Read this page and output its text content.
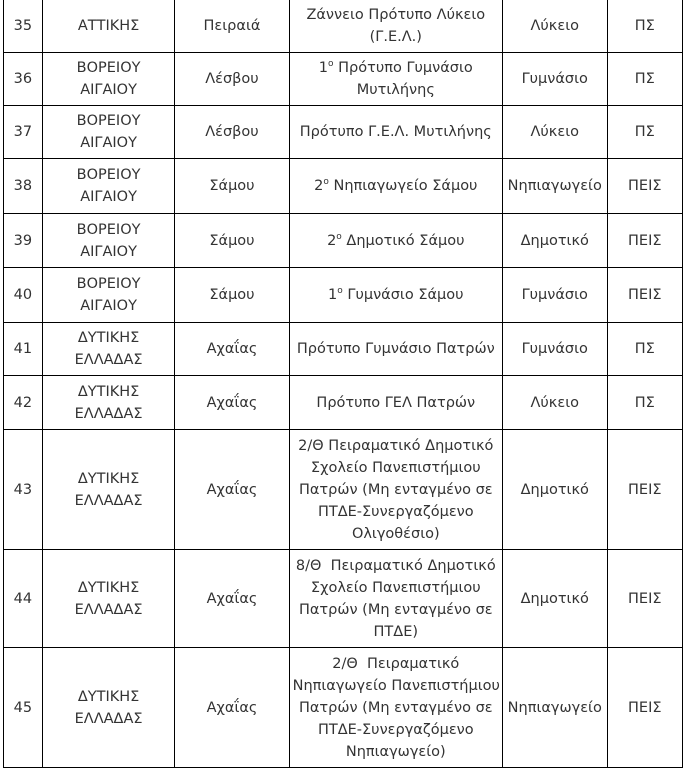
35	ΑΤΤΙΚΗΣ	Πειραιά	Ζάννειο Πρότυπο Λύκειο
(Γ.Ε.Λ.)	Λύκειο	ΠΣ
36	ΒΟΡΕΙΟΥ
ΑΙΓΑΙΟΥ	Λέσβου	$1^o$ Πρότυπο Γυμνάσιο
Μυτιλήνης	Γυμνάσιο	ΠΣ
37	ΒΟΡΕΙΟΥ
ΑΙΓΑΙΟΥ	Λέσβου	Πρότυπο Γ.Ε.Λ. Μυτιλήνης	Λύκειο	ΠΣ
38	ΒΟΡΕΙΟΥ
ΑΙΓΑΙΟΥ	Σάμου	$2^o$ Νηπιαγωγείο Σάμου	Νηπιαγωγείο	ΠΕΙΣ
39	ΒΟΡΕΙΟΥ
ΑΙΓΑΙΟΥ	Σάμου	$2^o$ Δημοτικό Σάμου	Δημοτικό	ΠΕΙΣ
40	ΒΟΡΕΙΟΥ
ΑΙΓΑΙΟΥ	Σάμου	$1^o$ Γυμνάσιο Σάμου	Γυμνάσιο	ΠΕΙΣ
41	ΔΥΤΙΚΗΣ
ΕΛΛΑΔΑΣ	Αχαΐας	Πρότυπο Γυμνάσιο Πατρών	Γυμνάσιο	ΠΣ
42	ΔΥΤΙΚΗΣ
ΕΛΛΑΔΑΣ	Αχαΐας	Πρότυπο ΓΕΛ Πατρών	Λύκειο	ΠΣ
43	ΔΥΤΙΚΗΣ
ΕΛΛΑΔΑΣ	Αχαΐας	2/Θ Πειραματικό Δημοτικό
Σχολείο Πανεπιστήμιου
Πατρών (Μη ενταγμένο σε
ΠΤΔΕ-Συνεργαζόμενο
Ολιγοθέσιο)	Δημοτικό	ΠΕΙΣ
44	ΔΥΤΙΚΗΣ
ΕΛΛΑΔΑΣ	Αχαΐας	8/Θ  Πειραματικό Δημοτικό
Σχολείο Πανεπιστήμιου
Πατρών (Μη ενταγμένο σε
ΠΤΔΕ)	Δημοτικό	ΠΕΙΣ
45	ΔΥΤΙΚΗΣ
ΕΛΛΑΔΑΣ	Αχαΐας	2/Θ  Πειραματικό
Νηπιαγωγείο Πανεπιστήμιου
Πατρών (Μη ενταγμένο σε
ΠΤΔΕ-Συνεργαζόμενο
Νηπιαγωγείο)	Νηπιαγωγείο	ΠΕΙΣ
